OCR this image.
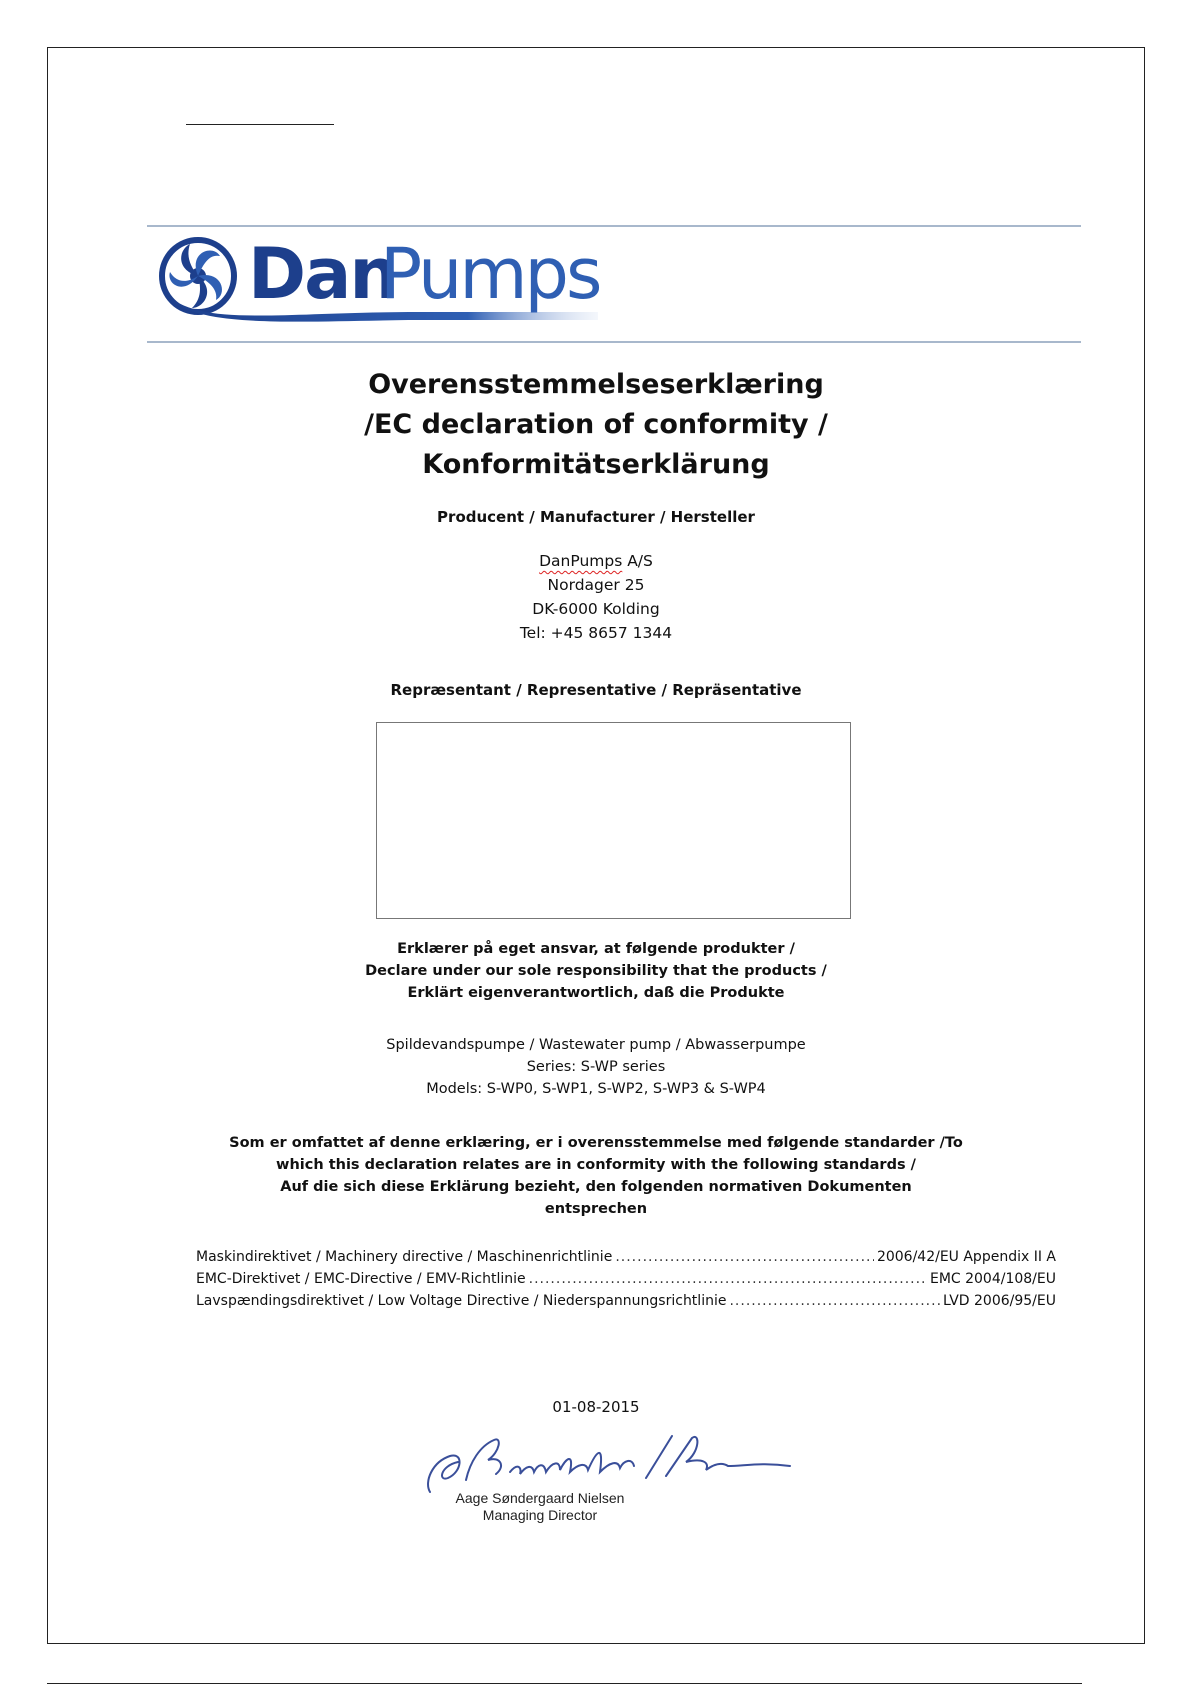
Dan
Pumps
Overensstemmelseserklæring
/EC declaration of conformity /
Konformitätserklärung
Producent / Manufacturer / Hersteller
DanPumps A/S
Nordager 25
DK-6000 Kolding
Tel: +45 8657 1344
Repræsentant / Representative / Repräsentative
Erklærer på eget ansvar, at følgende produkter /
Declare under our sole responsibility that the products /
Erklärt eigenverantwortlich, daß die Produkte
Spildevandspumpe / Wastewater pump / Abwasserpumpe
Series: S-WP series
Models: S-WP0, S-WP1, S-WP2, S-WP3 & S-WP4
Som er omfattet af denne erklæring, er i overensstemmelse med følgende standarder /To
which this declaration relates are in conformity with the following standards /
Auf die sich diese Erklärung bezieht, den folgenden normativen Dokumenten
entsprechen
Maskindirektivet / Machinery directive / Maschinenrichtlinie .....	2006/42/EU Appendix II A
EMC-Direktivet / EMC-Directive / EMV-Richtlinie .....	EMC 2004/108/EU
Lavspændingsdirektivet / Low Voltage Directive / Niederspannungsrichtlinie .....	LVD 2006/95/EU
01-08-2015
Aage Søndergaard Nielsen
Managing Director
